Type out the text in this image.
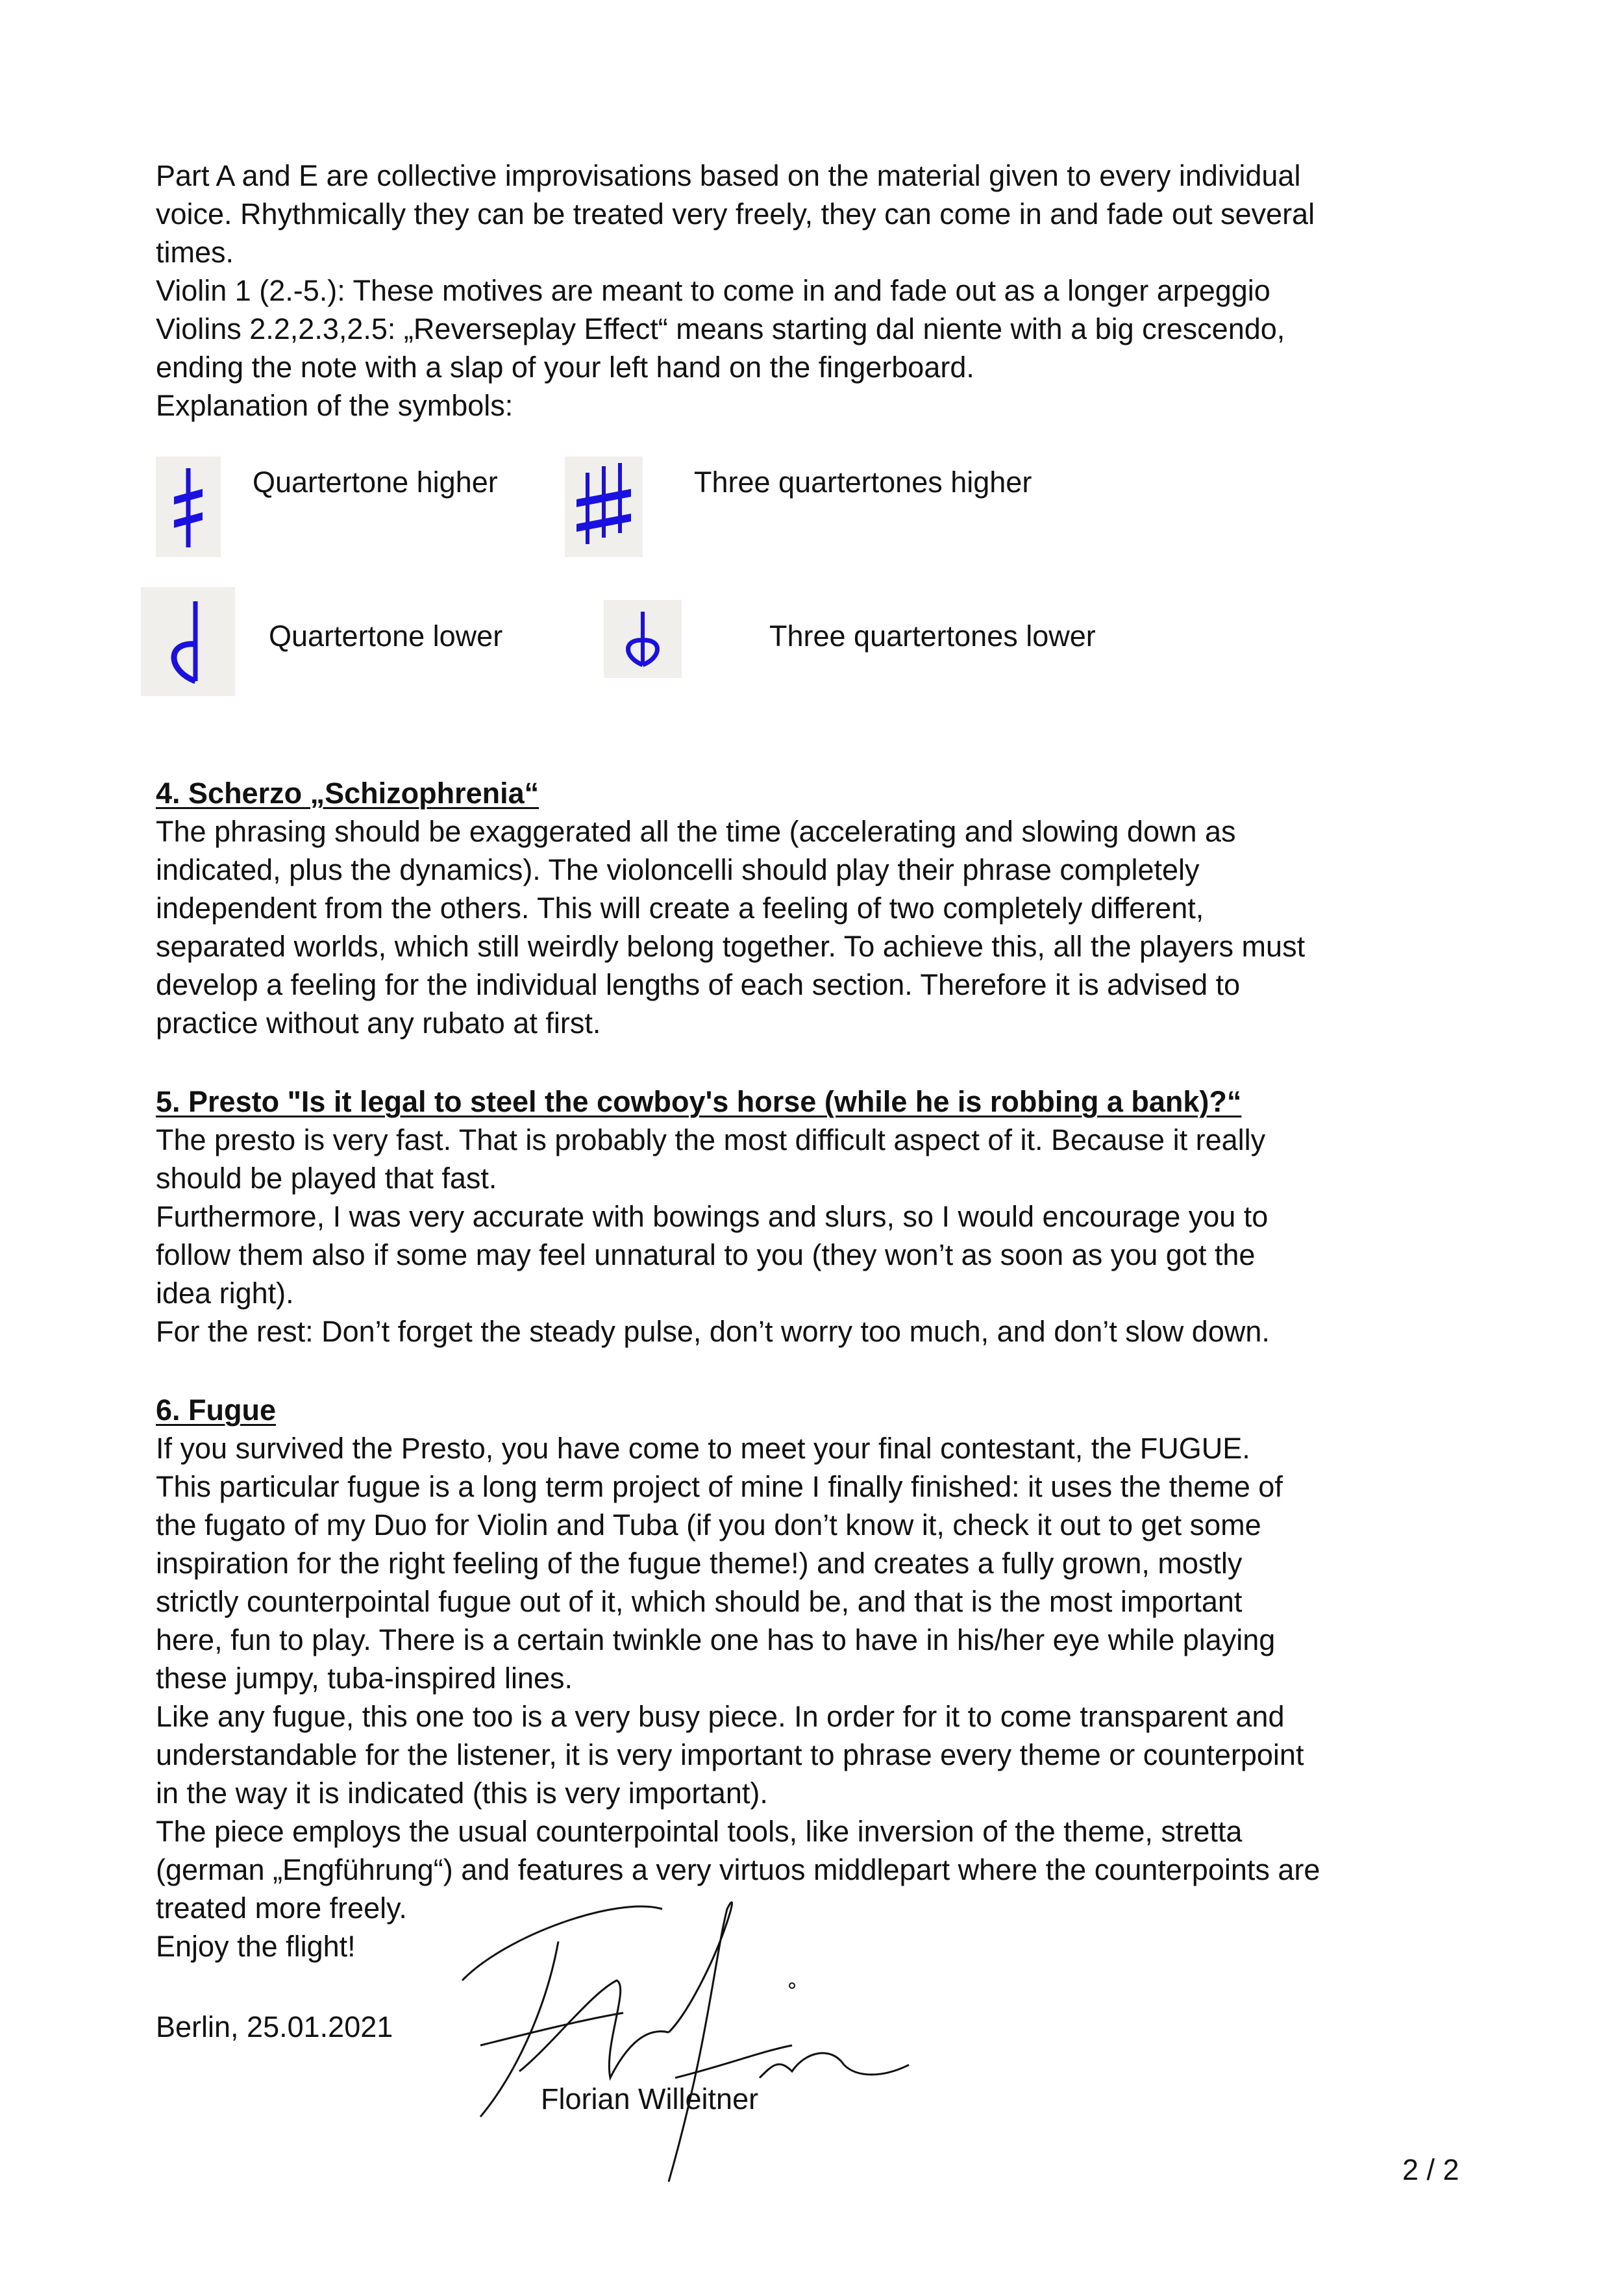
Part A and E are collective improvisations based on the material given to every individual

voice. Rhythmically they can be treated very freely, they can come in and fade out several

times.

Violin 1 (2.-5.): These motives are meant to come in and fade out as a longer arpeggio

Violins 2.2,2.3,2.5: „Reverseplay Effect“ means starting dal niente with a big crescendo,

ending the note with a slap of your left hand on the fingerboard.

Explanation of the symbols:

Quartertone higher	Three quartertones higher
Quartertone lower	Three quartertones lower

4. Scherzo „Schizophrenia“

The phrasing should be exaggerated all the time (accelerating and slowing down as

indicated, plus the dynamics). The violoncelli should play their phrase completely

independent from the others. This will create a feeling of two completely different,

separated worlds, which still weirdly belong together. To achieve this, all the players must

develop a feeling for the individual lengths of each section. Therefore it is advised to

practice without any rubato at first.

5. Presto "Is it legal to steel the cowboy's horse (while he is robbing a bank)?“

The presto is very fast. That is probably the most difficult aspect of it. Because it really

should be played that fast.

Furthermore, I was very accurate with bowings and slurs, so I would encourage you to

follow them also if some may feel unnatural to you (they won’t as soon as you got the

idea right).

For the rest: Don’t forget the steady pulse, don’t worry too much, and don’t slow down.

6. Fugue

If you survived the Presto, you have come to meet your final contestant, the FUGUE.

This particular fugue is a long term project of mine I finally finished: it uses the theme of

the fugato of my Duo for Violin and Tuba (if you don’t know it, check it out to get some

inspiration for the right feeling of the fugue theme!) and creates a fully grown, mostly

strictly counterpointal fugue out of it, which should be, and that is the most important

here, fun to play. There is a certain twinkle one has to have in his/her eye while playing

these jumpy, tuba-inspired lines.

Like any fugue, this one too is a very busy piece. In order for it to come transparent and

understandable for the listener, it is very important to phrase every theme or counterpoint

in the way it is indicated (this is very important).

The piece employs the usual counterpointal tools, like inversion of the theme, stretta

(german „Engführung“) and features a very virtuos middlepart where the counterpoints are

treated more freely.

Enjoy the flight!

Berlin, 25.01.2021

Florian Willeitner
2 / 2
